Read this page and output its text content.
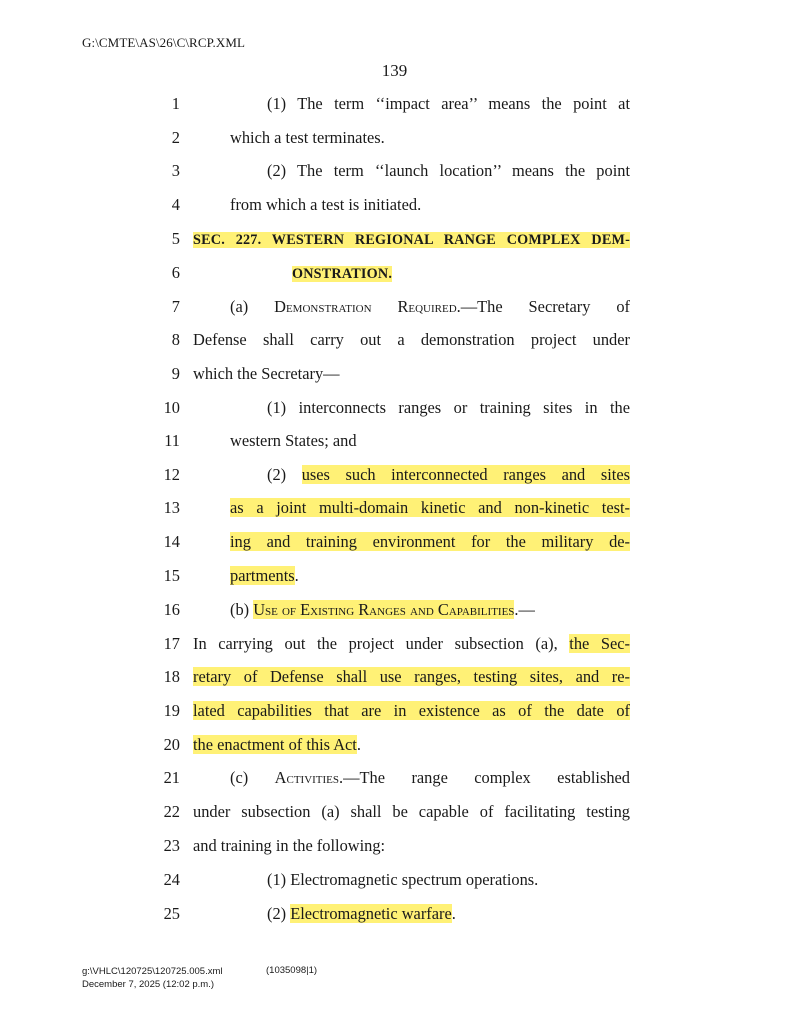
G:\CMTE\AS\26\C\RCP.XML
139
1	(1) The term ‘‘impact area’’ means the point at
2	which a test terminates.
3	(2) The term ‘‘launch location’’ means the point
4	from which a test is initiated.
5 SEC. 227. WESTERN REGIONAL RANGE COMPLEX DEM-
6	ONSTRATION.
7	(a) Demonstration Required.—The Secretary of
8 Defense shall carry out a demonstration project under
9 which the Secretary—
10	(1) interconnects ranges or training sites in the
11	western States; and
12	(2) uses such interconnected ranges and sites
13	as a joint multi-domain kinetic and non-kinetic test-
14	ing and training environment for the military de-
15	partments.
16	(b) Use of Existing Ranges and Capabilities.—
17 In carrying out the project under subsection (a), the Sec-
18 retary of Defense shall use ranges, testing sites, and re-
19 lated capabilities that are in existence as of the date of
20 the enactment of this Act.
21	(c) Activities.—The range complex established
22 under subsection (a) shall be capable of facilitating testing
23 and training in the following:
24	(1) Electromagnetic spectrum operations.
25	(2) Electromagnetic warfare.
g:\VHLC\120725\120725.005.xml
December 7, 2025 (12:02 p.m.)
(1035098|1)
